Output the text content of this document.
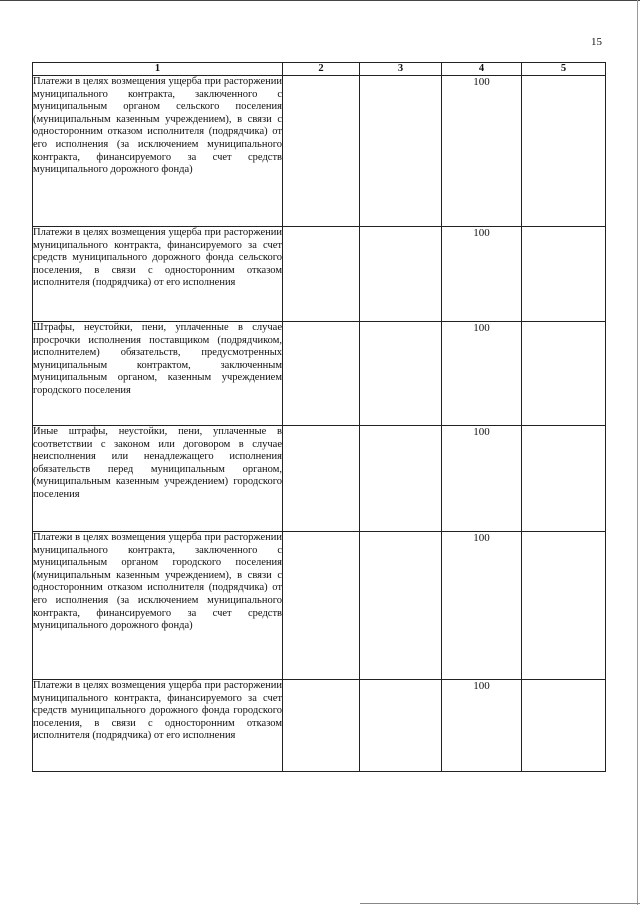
15
1	2	3	4	5
Платежи в целях возмещения ущерба при расторжении муниципального контракта, заключенного с муниципальным органом сельского поселения (муниципальным казенным учреждением), в связи с односторонним отказом исполнителя (подрядчика) от его исполнения (за исключением муниципального контракта, финансируемого за счет средств муниципального дорожного фонда)			100	
Платежи в целях возмещения ущерба при расторжении муниципального контракта, финансируемого за счет средств муниципального дорожного фонда сельского поселения, в связи с односторонним отказом исполнителя (подрядчика) от его исполнения			100	
Штрафы, неустойки, пени, уплаченные в случае просрочки исполнения поставщиком (подрядчиком, исполнителем) обязательств, предусмотренных муниципальным контрактом, заключенным муниципальным органом, казенным учреждением городского поселения			100	
Иные штрафы, неустойки, пени, уплаченные в соответствии с законом или договором в случае неисполнения или ненадлежащего исполнения обязательств перед муниципальным органом, (муниципальным казенным учреждением) городского поселения			100	
Платежи в целях возмещения ущерба при расторжении муниципального контракта, заключенного с муниципальным органом городского поселения (муниципальным казенным учреждением), в связи с односторонним отказом исполнителя (подрядчика) от его исполнения (за исключением муниципального контракта, финансируемого за счет средств муниципального дорожного фонда)			100	
Платежи в целях возмещения ущерба при расторжении муниципального контракта, финансируемого за счет средств муниципального дорожного фонда городского поселения, в связи с односторонним отказом исполнителя (подрядчика) от его исполнения			100	
